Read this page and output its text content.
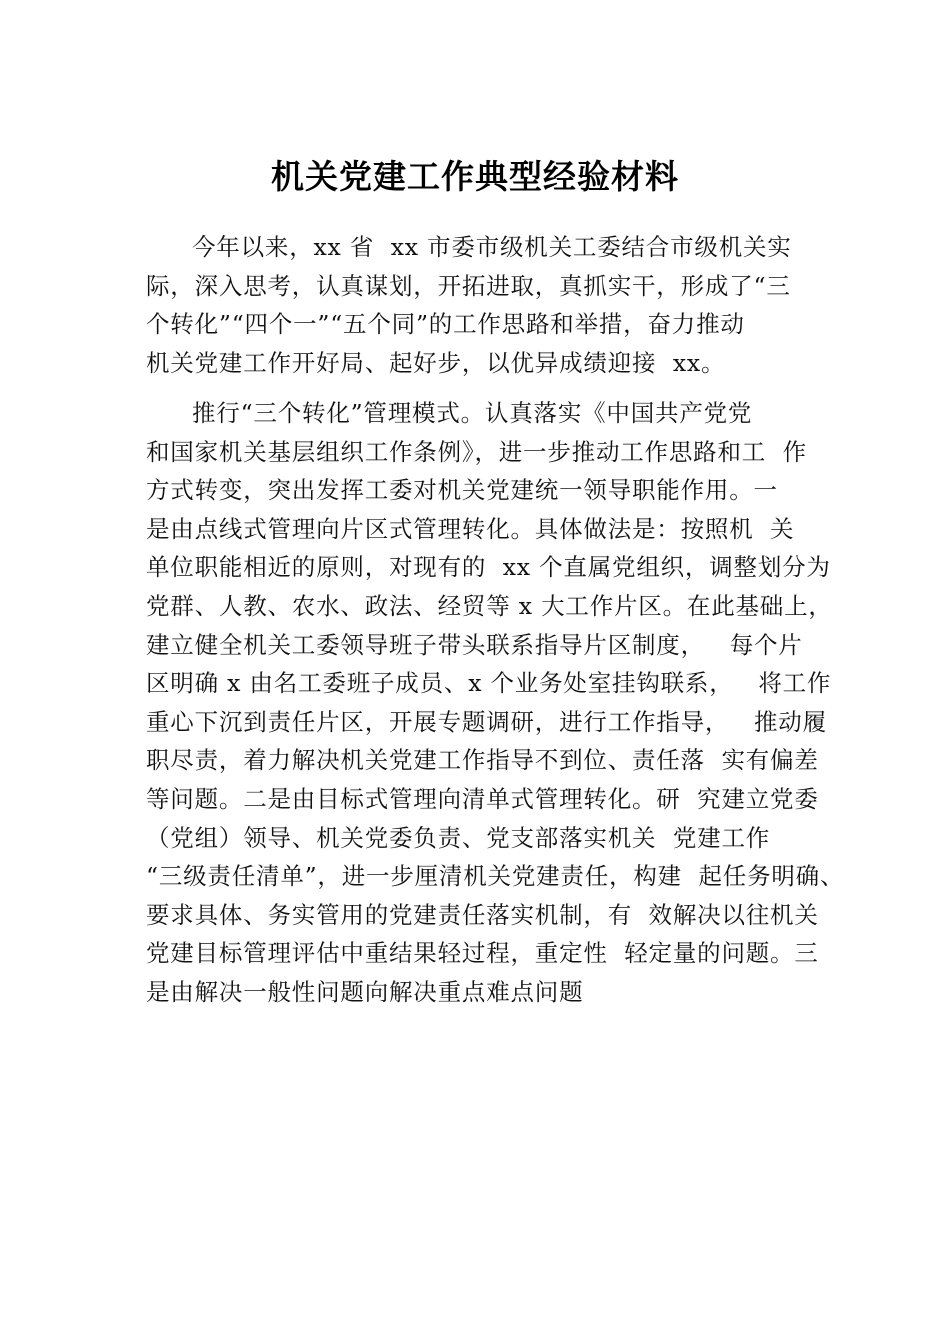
机关党建工作典型经验材料
今年以来，xx 省  xx 市委市级机关工委结合市级机关实
际，深入思考，认真谋划，开拓进取，真抓实干，形成了“三
个转化”“四个一”“五个同”的工作思路和举措，奋力推动
机关党建工作开好局、起好步，以优异成绩迎接  xx。
推行“三个转化”管理模式。认真落实《中国共产党党
和国家机关基层组织工作条例》，进一步推动工作思路和工  作
方式转变，突出发挥工委对机关党建统一领导职能作用。一
是由点线式管理向片区式管理转化。具体做法是：按照机  关
单位职能相近的原则，对现有的  xx 个直属党组织，调整划分为
党群、人教、农水、政法、经贸等 x 大工作片区。在此基础上，
建立健全机关工委领导班子带头联系指导片区制度，   每个片
区明确 x 由名工委班子成员、x 个业务处室挂钩联系，   将工作
重心下沉到责任片区，开展专题调研，进行工作指导，   推动履
职尽责，着力解决机关党建工作指导不到位、责任落  实有偏差
等问题。二是由目标式管理向清单式管理转化。研  究建立党委
（党组）领导、机关党委负责、党支部落实机关  党建工作
“三级责任清单”，进一步厘清机关党建责任，构建  起任务明确、
要求具体、务实管用的党建责任落实机制，有  效解决以往机关
党建目标管理评估中重结果轻过程，重定性  轻定量的问题。三
是由解决一般性问题向解决重点难点问题
